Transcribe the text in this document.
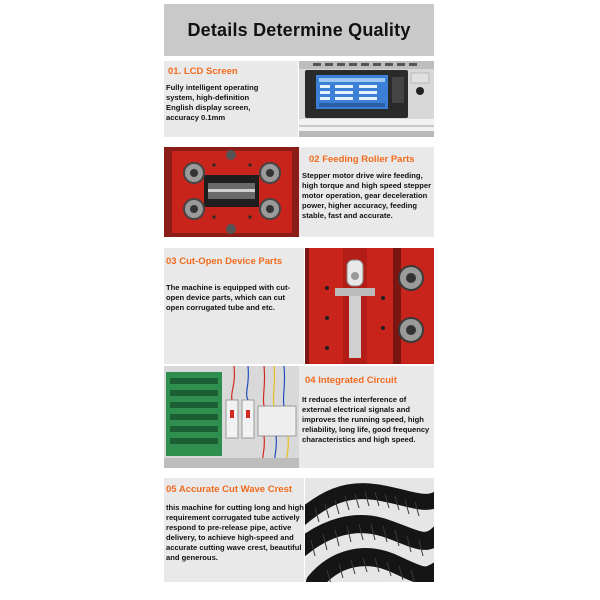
Details Determine Quality
01. LCD Screen
Fully intelligent operating system, high-definition English display screen, accuracy 0.1mm
02 Feeding Roller Parts
Stepper motor drive wire feeding, high torque and high speed stepper motor operation, gear deceleration power, higher accuracy, feeding stable, fast and accurate.
03 Cut-Open Device Parts
The machine is equipped with cut-open device parts, which can cut open corrugated tube and etc.
04 Integrated Circuit
It reduces the interference of external electrical signals and improves the running speed, high reliability, long life, good frequency characteristics and high speed.
05 Accurate Cut Wave Crest
this machine for cutting long and high requirement corrugated tube actively respond to pre-release pipe, active delivery, to achieve high-speed and accurate cutting wave crest, beautiful and generous.
